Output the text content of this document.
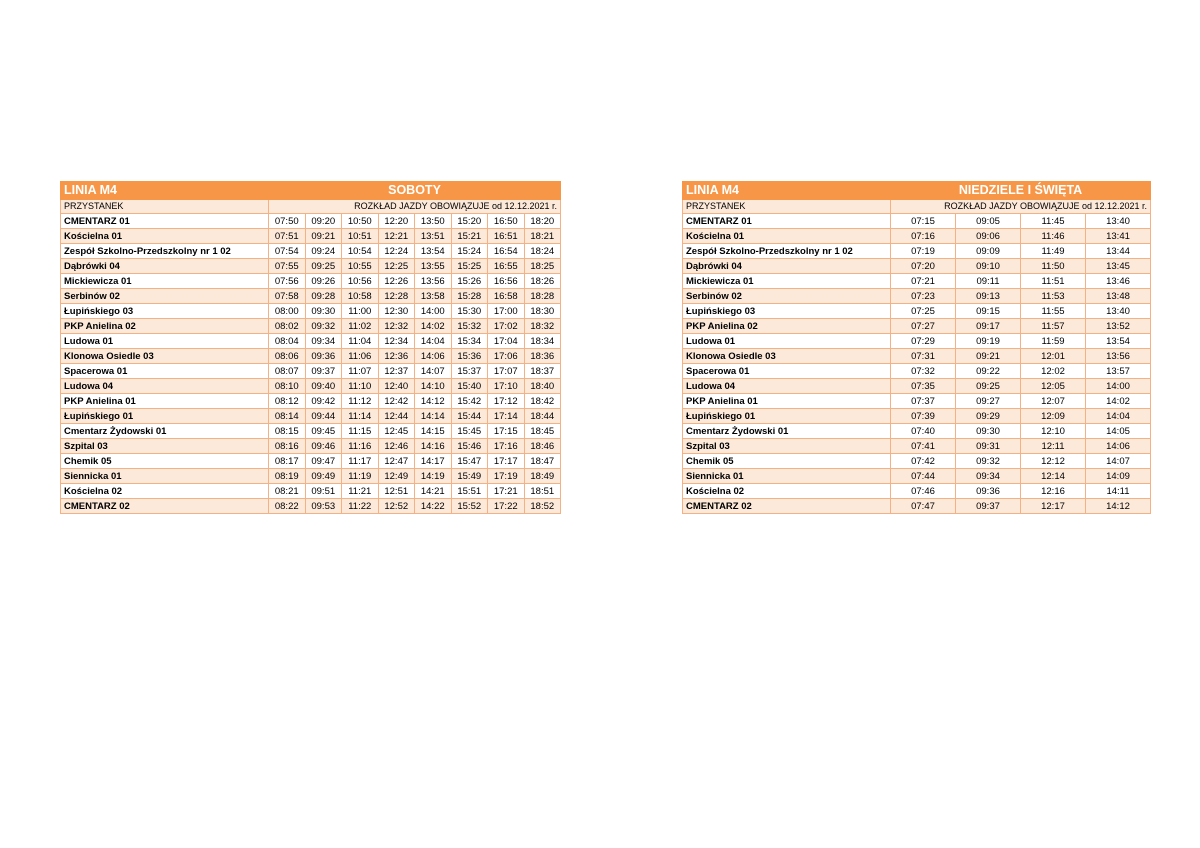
LINIA M4	SOBOTY							
PRZYSTANEK	ROZKŁAD JAZDY OBOWIĄZUJE od 12.12.2021 r.							
CMENTARZ 01	07:50	09:20	10:50	12:20	13:50	15:20	16:50	18:20
Kościelna 01	07:51	09:21	10:51	12:21	13:51	15:21	16:51	18:21
Zespół Szkolno-Przedszkolny nr 1 02	07:54	09:24	10:54	12:24	13:54	15:24	16:54	18:24
Dąbrówki 04	07:55	09:25	10:55	12:25	13:55	15:25	16:55	18:25
Mickiewicza 01	07:56	09:26	10:56	12:26	13:56	15:26	16:56	18:26
Serbinów 02	07:58	09:28	10:58	12:28	13:58	15:28	16:58	18:28
Łupińskiego 03	08:00	09:30	11:00	12:30	14:00	15:30	17:00	18:30
PKP Anielina 02	08:02	09:32	11:02	12:32	14:02	15:32	17:02	18:32
Ludowa 01	08:04	09:34	11:04	12:34	14:04	15:34	17:04	18:34
Klonowa Osiedle 03	08:06	09:36	11:06	12:36	14:06	15:36	17:06	18:36
Spacerowa 01	08:07	09:37	11:07	12:37	14:07	15:37	17:07	18:37
Ludowa 04	08:10	09:40	11:10	12:40	14:10	15:40	17:10	18:40
PKP Anielina 01	08:12	09:42	11:12	12:42	14:12	15:42	17:12	18:42
Łupińskiego 01	08:14	09:44	11:14	12:44	14:14	15:44	17:14	18:44
Cmentarz Żydowski 01	08:15	09:45	11:15	12:45	14:15	15:45	17:15	18:45
Szpital 03	08:16	09:46	11:16	12:46	14:16	15:46	17:16	18:46
Chemik 05	08:17	09:47	11:17	12:47	14:17	15:47	17:17	18:47
Siennicka 01	08:19	09:49	11:19	12:49	14:19	15:49	17:19	18:49
Kościelna 02	08:21	09:51	11:21	12:51	14:21	15:51	17:21	18:51
CMENTARZ 02	08:22	09:53	11:22	12:52	14:22	15:52	17:22	18:52
LINIA M4	NIEDZIELE I ŚWIĘTA			
PRZYSTANEK	ROZKŁAD JAZDY OBOWIĄZUJE od 12.12.2021 r.			
CMENTARZ 01	07:15	09:05	11:45	13:40
Kościelna 01	07:16	09:06	11:46	13:41
Zespół Szkolno-Przedszkolny nr 1 02	07:19	09:09	11:49	13:44
Dąbrówki 04	07:20	09:10	11:50	13:45
Mickiewicza 01	07:21	09:11	11:51	13:46
Serbinów 02	07:23	09:13	11:53	13:48
Łupińskiego 03	07:25	09:15	11:55	13:40
PKP Anielina 02	07:27	09:17	11:57	13:52
Ludowa 01	07:29	09:19	11:59	13:54
Klonowa Osiedle 03	07:31	09:21	12:01	13:56
Spacerowa 01	07:32	09:22	12:02	13:57
Ludowa 04	07:35	09:25	12:05	14:00
PKP Anielina 01	07:37	09:27	12:07	14:02
Łupińskiego 01	07:39	09:29	12:09	14:04
Cmentarz Żydowski 01	07:40	09:30	12:10	14:05
Szpital 03	07:41	09:31	12:11	14:06
Chemik 05	07:42	09:32	12:12	14:07
Siennicka 01	07:44	09:34	12:14	14:09
Kościelna 02	07:46	09:36	12:16	14:11
CMENTARZ 02	07:47	09:37	12:17	14:12
